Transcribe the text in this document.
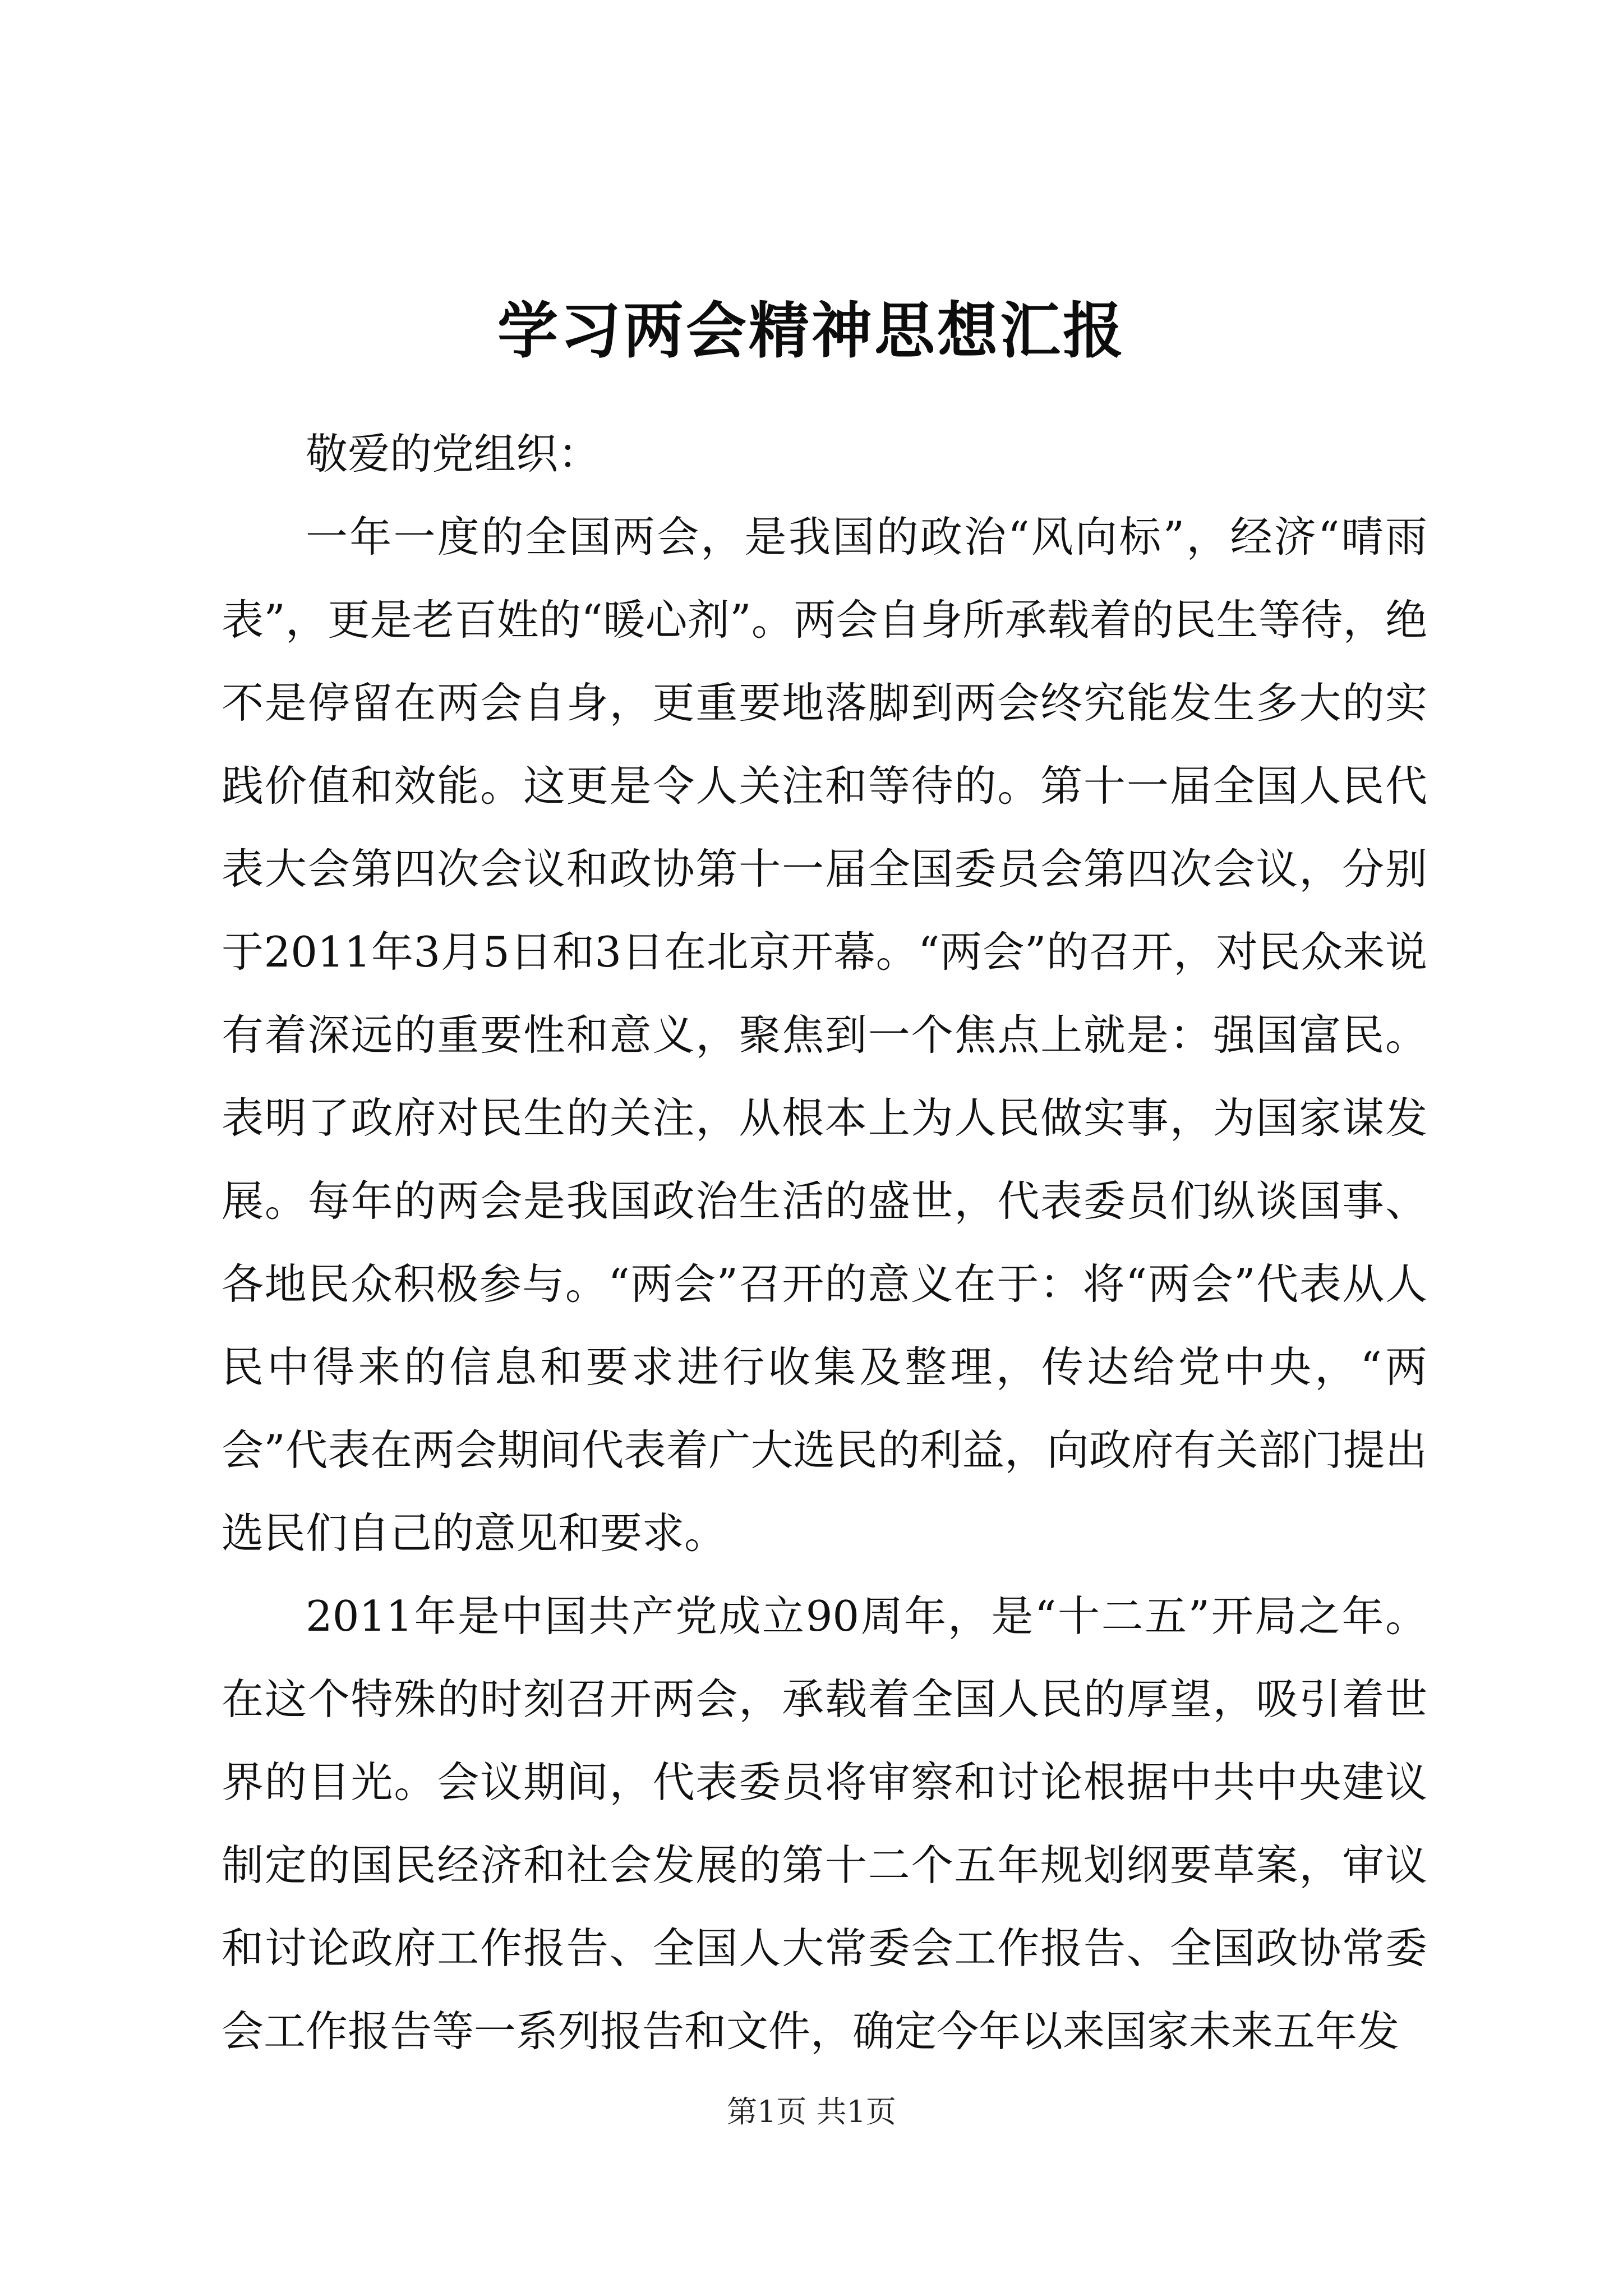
学习两会精神思想汇报

敬爱的党组织：

一年一度的全国两会，是我国的政治“风向标”，经济“晴雨表”，更是老百姓的“暖心剂”。两会自身所承载着的民生等待，绝不是停留在两会自身，更重要地落脚到两会终究能发生多大的实践价值和效能。这更是令人关注和等待的。第十一届全国人民代表大会第四次会议和政协第十一届全国委员会第四次会议，分别于2011年3月5日和3日在北京开幕。“两会”的召开，对民众来说有着深远的重要性和意义，聚焦到一个焦点上就是：强国富民。表明了政府对民生的关注，从根本上为人民做实事，为国家谋发展。每年的两会是我国政治生活的盛世，代表委员们纵谈国事、各地民众积极参与。“两会”召开的意义在于：将“两会”代表从人民中得来的信息和要求进行收集及整理，传达给党中央，“两会”代表在两会期间代表着广大选民的利益，向政府有关部门提出选民们自己的意见和要求。

2011年是中国共产党成立90周年，是“十二五”开局之年。在这个特殊的时刻召开两会，承载着全国人民的厚望，吸引着世界的目光。会议期间，代表委员将审察和讨论根据中共中央建议制定的国民经济和社会发展的第十二个五年规划纲要草案，审议和讨论政府工作报告、全国人大常委会工作报告、全国政协常委会工作报告等一系列报告和文件，确定今年以来国家未来五年发

第1页 共1页
